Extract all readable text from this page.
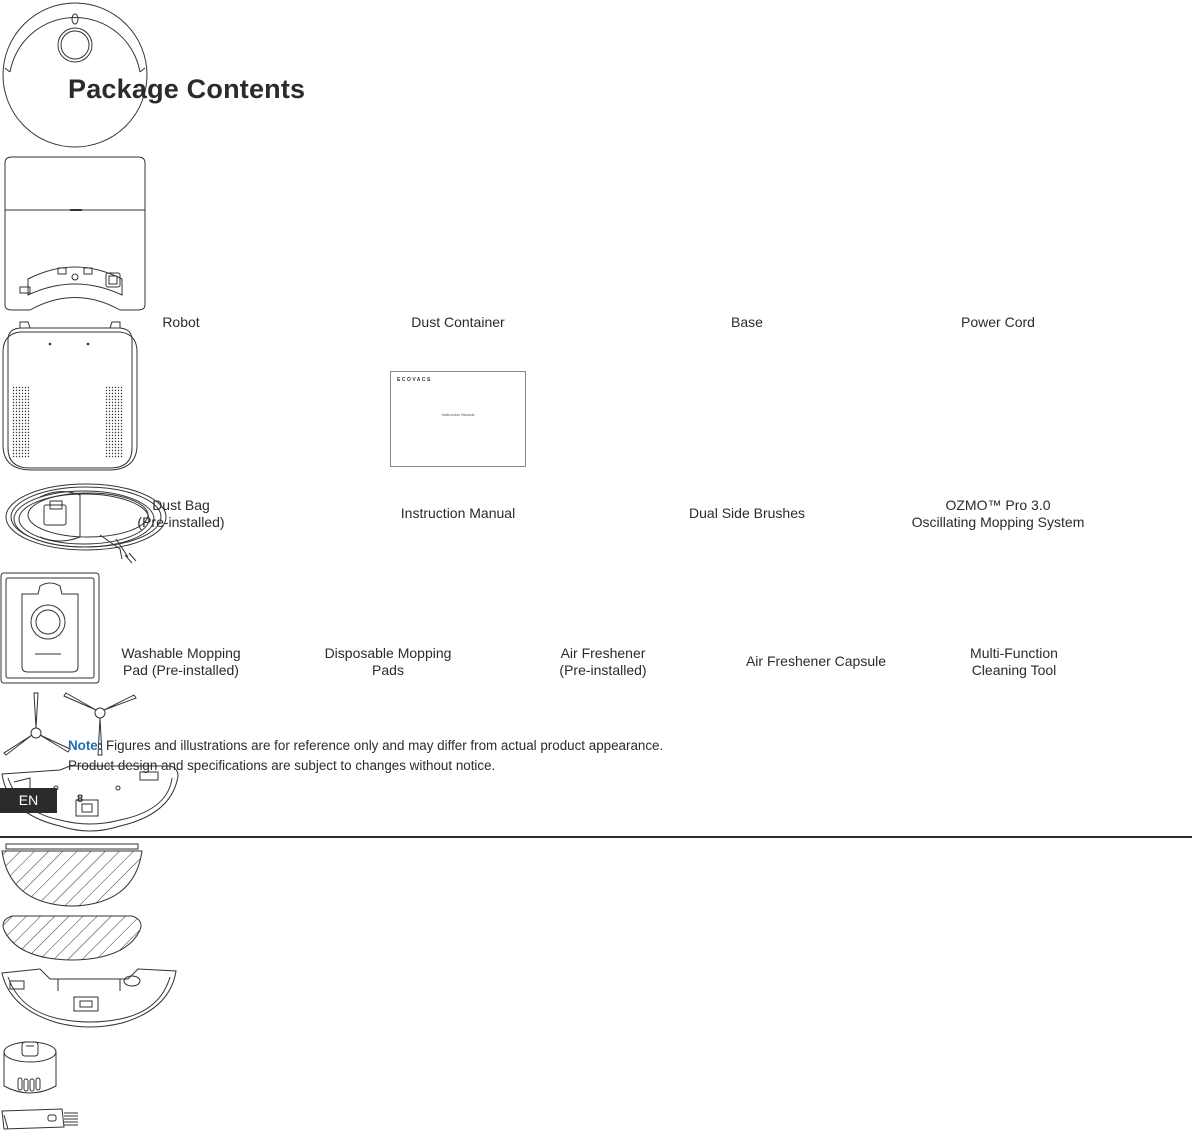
Package Contents
Robot	Dust Container	Base	Power Cord
Dust Bag
(Pre-installed)
ECOVACS
Instruction Manual
Instruction Manual	Dual Side Brushes	OZMO™ Pro 3.0
Oscillating Mopping System
Washable Mopping
Pad (Pre-installed)
Disposable Mopping
Pads
Air Freshener
(Pre-installed)
Air Freshener Capsule	Multi-Function
Cleaning Tool
Note: Figures and illustrations are for reference only and may differ from actual product appearance.
Product design and specifications are subject to changes without notice.
EN	8
